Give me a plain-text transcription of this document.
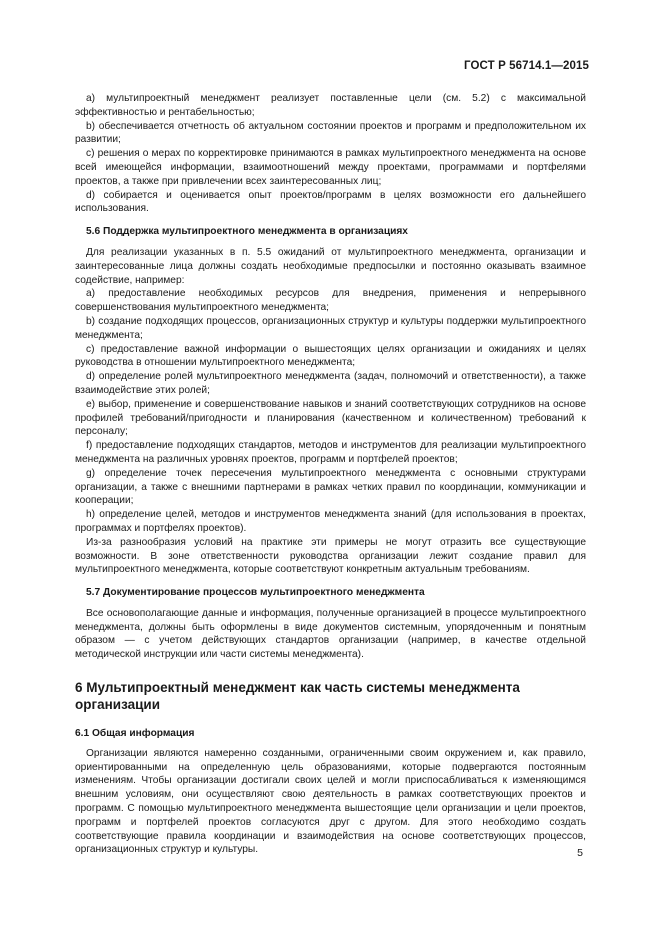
ГОСТ Р 56714.1—2015

a) мультипроектный менеджмент реализует поставленные цели (см. 5.2) с максимальной эффективностью и рентабельностью;

b) обеспечивается отчетность об актуальном состоянии проектов и программ и предположительном их развитии;

c) решения о мерах по корректировке принимаются в рамках мультипроектного менеджмента на основе всей имеющейся информации, взаимоотношений между проектами, программами и портфелями проектов, а также при привлечении всех заинтересованных лиц;

d) собирается и оценивается опыт проектов/программ в целях возможности его дальнейшего использования.

5.6 Поддержка мультипроектного менеджмента в организациях

Для реализации указанных в п. 5.5 ожиданий от мультипроектного менеджмента, организации и заинтересованные лица должны создать необходимые предпосылки и постоянно оказывать взаимное содействие, например:

a) предоставление необходимых ресурсов для внедрения, применения и непрерывного совершенствования мультипроектного менеджмента;

b) создание подходящих процессов, организационных структур и культуры поддержки мультипроектного менеджмента;

c) предоставление важной информации о вышестоящих целях организации и ожиданиях и целях руководства в отношении мультипроектного менеджмента;

d) определение ролей мультипроектного менеджмента (задач, полномочий и ответственности), а также взаимодействие этих ролей;

e) выбор, применение и совершенствование навыков и знаний соответствующих сотрудников на основе профилей требований/пригодности и планирования (качественном и количественном) требований к персоналу;

f) предоставление подходящих стандартов, методов и инструментов для реализации мультипроектного менеджмента на различных уровнях проектов, программ и портфелей проектов;

g) определение точек пересечения мультипроектного менеджмента с основными структурами организации, а также с внешними партнерами в рамках четких правил по координации, коммуникации и кооперации;

h) определение целей, методов и инструментов менеджмента знаний (для использования в проектах, программах и портфелях проектов).

Из-за разнообразия условий на практике эти примеры не могут отразить все существующие возможности. В зоне ответственности руководства организации лежит создание правил для мультипроектного менеджмента, которые соответствуют конкретным актуальным требованиям.

5.7 Документирование процессов мультипроектного менеджмента

Все основополагающие данные и информация, полученные организацией в процессе мультипроектного менеджмента, должны быть оформлены в виде документов системным, упорядоченным и понятным образом — с учетом действующих стандартов организации (например, в качестве отдельной методической инструкции или части системы менеджмента).

6 Мультипроектный менеджмент как часть системы менеджмента организации
6.1 Общая информация

Организации являются намеренно созданными, ограниченными своим окружением и, как правило, ориентированными на определенную цель образованиями, которые подвергаются постоянным изменениям. Чтобы организации достигали своих целей и могли приспосабливаться к изменяющимся внешним условиям, они осуществляют свою деятельность в рамках соответствующих проектов и программ. С помощью мультипроектного менеджмента вышестоящие цели организации и цели проектов, программ и портфелей проектов согласуются друг с другом. Для этого необходимо создать соответствующие правила координации и взаимодействия на основе соответствующих процессов, организационных структур и культуры.	5
